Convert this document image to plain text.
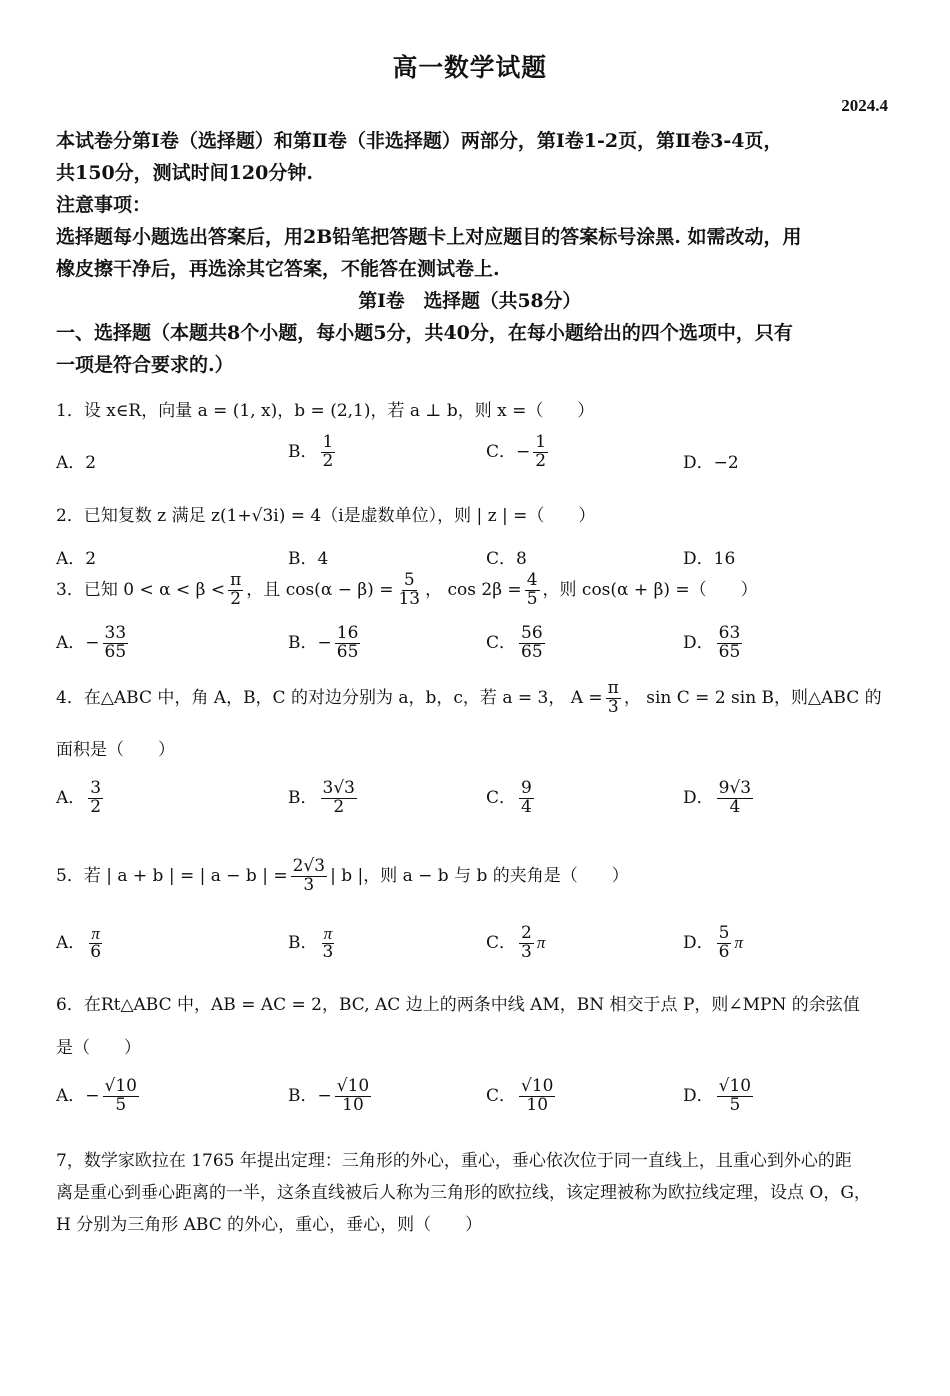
高一数学试题
2024.4
本试卷分第Ⅰ卷（选择题）和第Ⅱ卷（非选择题）两部分，第Ⅰ卷1-2页，第Ⅱ卷3-4页，
共150分，测试时间120分钟.
注意事项：
选择题每小题选出答案后，用2B铅笔把答题卡上对应题目的答案标号涂黑. 如需改动，用
橡皮擦干净后，再选涂其它答案，不能答在测试卷上.
第Ⅰ卷　选择题（共58分）
一、选择题（本题共8个小题，每小题5分，共40分，在每小题给出的四个选项中，只有
一项是符合要求的.）
1．设 x∈R，向量 a = (1, x)，b = (2,1)，若 a ⊥ b，则 x =（　　）
A．2
B． $\frac{1}{2}$	C．− $\frac{1}{2}$	D．−2
2．已知复数 z 满足 z(1+√3i) = 4（i是虚数单位），则 | z | =（　　）
A．2	B．4	C．8	D．16
3．已知 $0 < \alpha < \beta < \frac{\pi}{2}$ ，且 $\cos(\alpha - \beta) = \frac{5}{13}$ ， $\cos 2\beta = \frac{4}{5}$ ，则 cos(α + β) =（　　）
A．− $\frac{33}{65}$	B．− $\frac{16}{65}$	C． $\frac{56}{65}$	D． $\frac{63}{65}$
4．在△ABC 中，角 A，B，C 的对边分别为 a，b，c，若 a = 3， $A = \frac{\pi}{3}$ ， sin C = 2 sin B，则△ABC 的
面积是（　　）
A． $\frac{3}{2}$	B． $\frac{3√3}{2}$	C． $\frac{9}{4}$	D． $\frac{9√3}{4}$
5．若 | a + b | = | a − b | = $\frac{2√3}{3}$ | b |，则 a − b 与 b 的夹角是（　　）
A． $\frac{\pi}{6}$	B． $\frac{\pi}{3}$	C． $\frac{2}{3}$ π	D． $\frac{5}{6}$ π
6．在Rt△ABC 中，AB = AC = 2，BC, AC 边上的两条中线 AM，BN 相交于点 P，则∠MPN 的余弦值
是（　　）
A．− $\frac{√10}{5}$	B．− $\frac{√10}{10}$	C． $\frac{√10}{10}$	D． $\frac{√10}{5}$
7，数学家欧拉在 1765 年提出定理：三角形的外心，重心，垂心依次位于同一直线上，且重心到外心的距
离是重心到垂心距离的一半，这条直线被后人称为三角形的欧拉线，该定理被称为欧拉线定理，设点 O，G，
H 分别为三角形 ABC 的外心，重心，垂心，则（　　）
